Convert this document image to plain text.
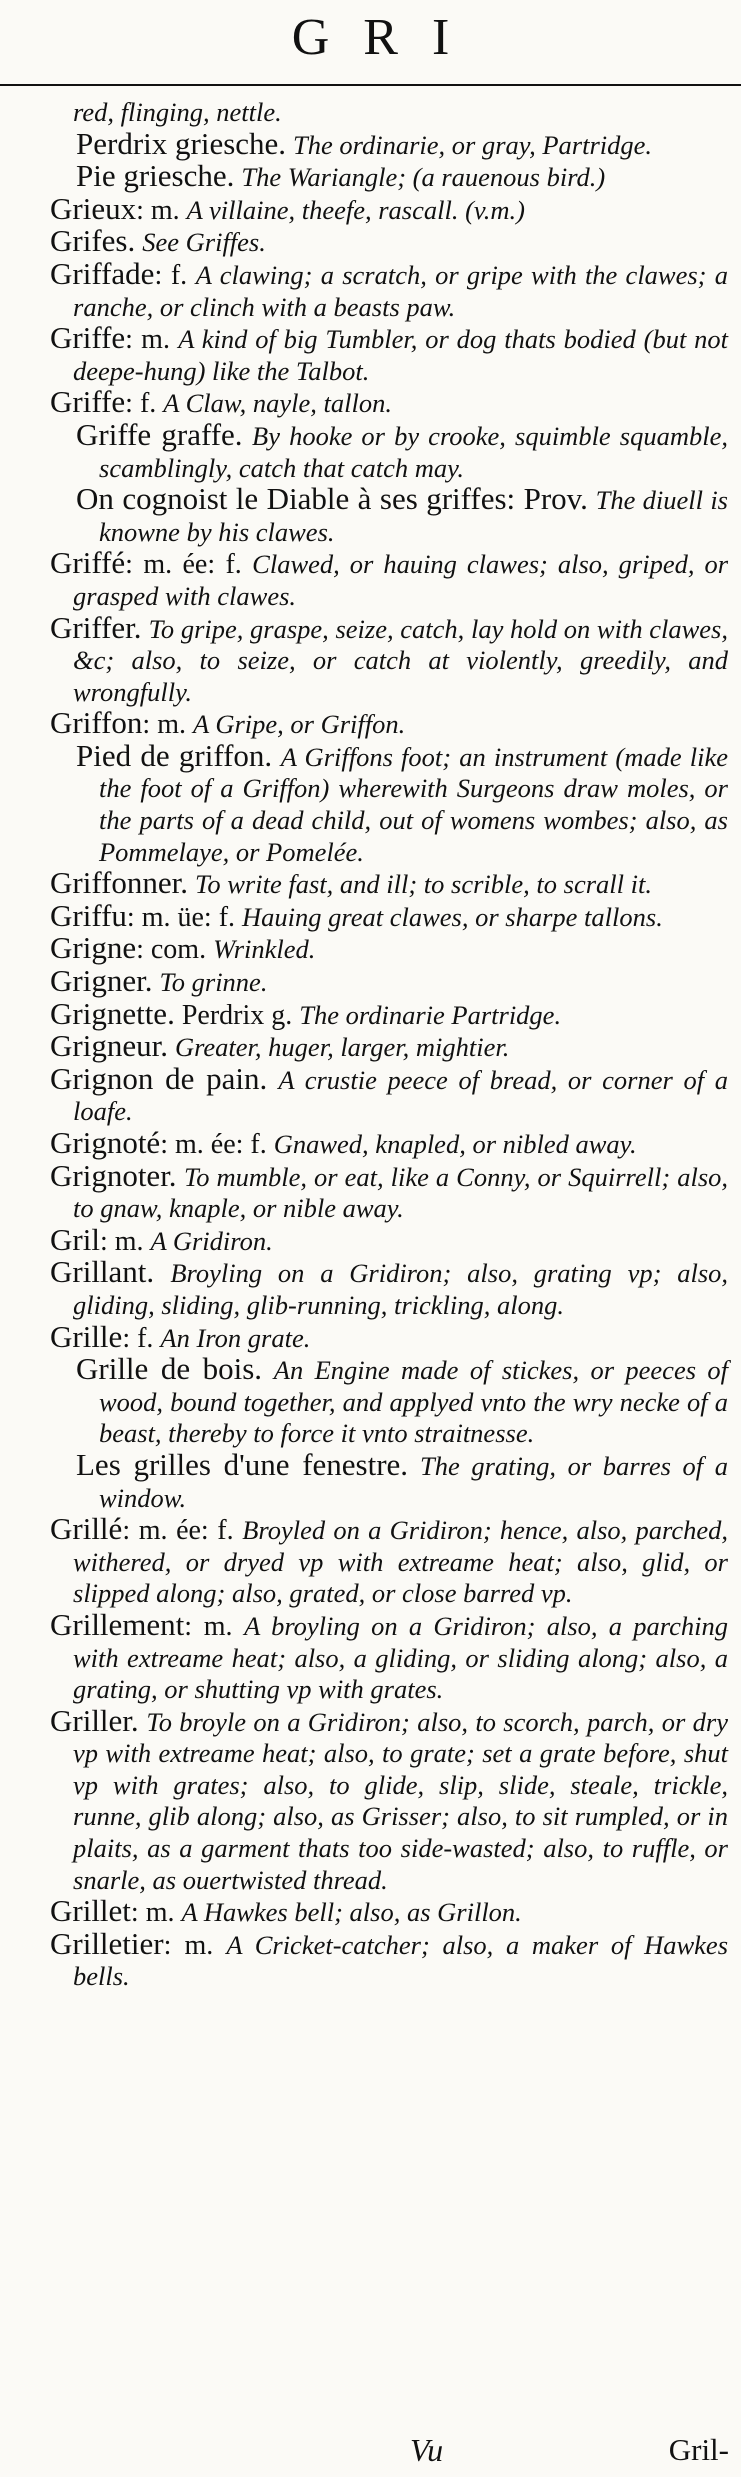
GRI

red, flinging, nettle.

Perdrix griesche. The ordinarie, or gray, Partridge.

Pie griesche. The Wariangle; (a rauenous bird.)

Grieux: m. A villaine, theefe, rascall. (v.m.)

Grifes. See Griffes.

Griffade: f. A clawing; a scratch, or gripe with the clawes; a ranche, or clinch with a beasts paw.

Griffe: m. A kind of big Tumbler, or dog thats bodied (but not deepe-hung) like the Talbot.

Griffe: f. A Claw, nayle, tallon.

Griffe graffe. By hooke or by crooke, squimble squamble, scamblingly, catch that catch may.

On cognoist le Diable à ses griffes: Prov. The diuell is knowne by his clawes.

Griffé: m. ée: f. Clawed, or hauing clawes; also, griped, or grasped with clawes.

Griffer. To gripe, graspe, seize, catch, lay hold on with clawes, &c; also, to seize, or catch at violently, greedily, and wrongfully.

Griffon: m. A Gripe, or Griffon.

Pied de griffon. A Griffons foot; an instrument (made like the foot of a Griffon) wherewith Surgeons draw moles, or the parts of a dead child, out of womens wombes; also, as Pommelaye, or Pomelée.

Griffonner. To write fast, and ill; to scrible, to scrall it.

Griffu: m. üe: f. Hauing great clawes, or sharpe tallons.

Grigne: com. Wrinkled.

Grigner. To grinne.

Grignette. Perdrix g. The ordinarie Partridge.

Grigneur. Greater, huger, larger, mightier.

Grignon de pain. A crustie peece of bread, or corner of a loafe.

Grignoté: m. ée: f. Gnawed, knapled, or nibled away.

Grignoter. To mumble, or eat, like a Conny, or Squirrell; also, to gnaw, knaple, or nible away.

Gril: m. A Gridiron.

Grillant. Broyling on a Gridiron; also, grating vp; also, gliding, sliding, glib-running, trickling, along.

Grille: f. An Iron grate.

Grille de bois. An Engine made of stickes, or peeces of wood, bound together, and applyed vnto the wry necke of a beast, thereby to force it vnto straitnesse.

Les grilles d'une fenestre. The grating, or barres of a window.

Grillé: m. ée: f. Broyled on a Gridiron; hence, also, parched, withered, or dryed vp with extreame heat; also, glid, or slipped along; also, grated, or close barred vp.

Grillement: m. A broyling on a Gridiron; also, a parching with extreame heat; also, a gliding, or sliding along; also, a grating, or shutting vp with grates.

Griller. To broyle on a Gridiron; also, to scorch, parch, or dry vp with extreame heat; also, to grate; set a grate before, shut vp with grates; also, to glide, slip, slide, steale, trickle, runne, glib along; also, as Grisser; also, to sit rumpled, or in plaits, as a garment thats too side-wasted; also, to ruffle, or snarle, as ouertwisted thread.

Grillet: m. A Hawkes bell; also, as Grillon.

Grilletier: m. A Cricket-catcher; also, a maker of Hawkes bells.

Vu	Gril-
